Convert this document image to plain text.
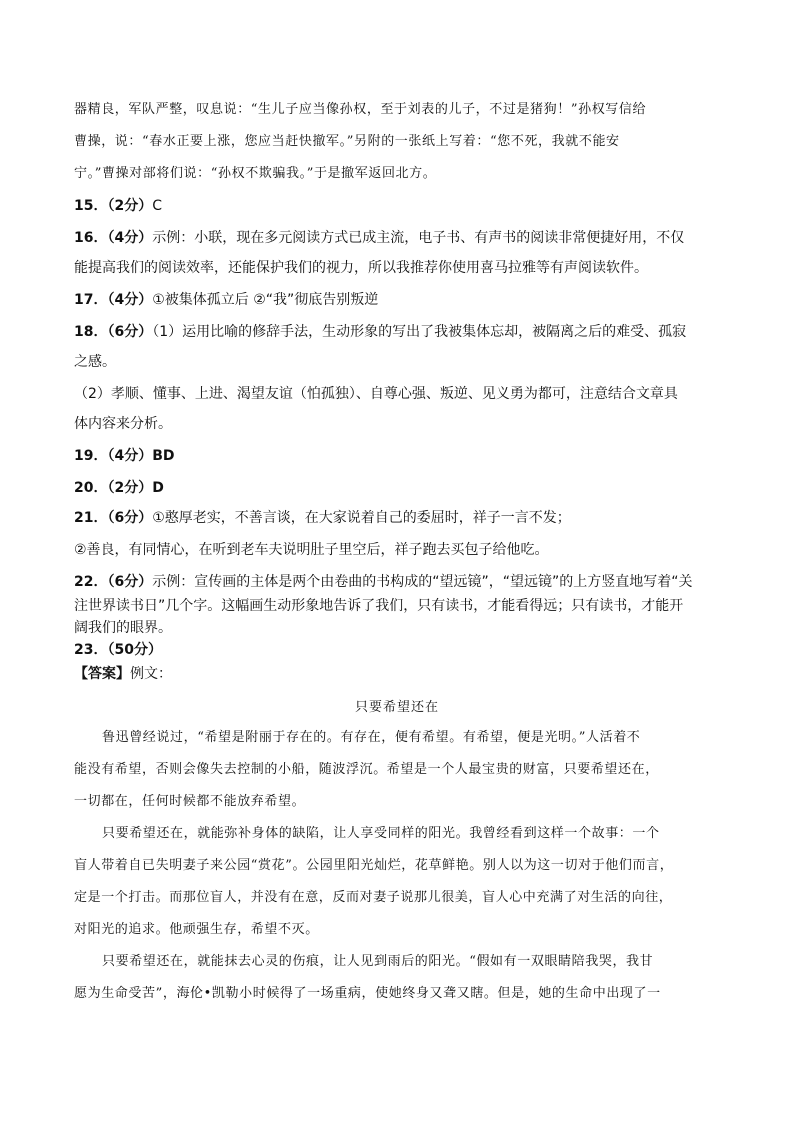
器精良，军队严整，叹息说：“生儿子应当像孙权，至于刘表的儿子，不过是猪狗！”孙权写信给
曹操，说：“春水正要上涨，您应当赶快撤军。”另附的一张纸上写着：“您不死，我就不能安
宁。”曹操对部将们说：“孙权不欺骗我。”于是撤军返回北方。
15．（2分）C
16．（4分）示例：小联，现在多元阅读方式已成主流，电子书、有声书的阅读非常便捷好用，不仅
能提高我们的阅读效率，还能保护我们的视力，所以我推荐你使用喜马拉雅等有声阅读软件。
17．（4分）①被集体孤立后 ②“我”彻底告别叛逆
18．（6分）（1）运用比喻的修辞手法，生动形象的写出了我被集体忘却，被隔离之后的难受、孤寂
之感。
（2）孝顺、懂事、上进、渴望友谊（怕孤独）、自尊心强、叛逆、见义勇为都可，注意结合文章具
体内容来分析。
19．（4分）BD
20．（2分）D
21．（6分）①憨厚老实，不善言谈，在大家说着自己的委屈时，祥子一言不发；
②善良，有同情心，在听到老车夫说明肚子里空后，祥子跑去买包子给他吃。
22．（6分）示例：宣传画的主体是两个由卷曲的书构成的“望远镜”，“望远镜”的上方竖直地写着“关
注世界读书日”几个字。这幅画生动形象地告诉了我们，只有读书，才能看得远；只有读书，才能开
阔我们的眼界。
23．（50分）
【答案】例文：
只要希望还在
鲁迅曾经说过，“希望是附丽于存在的。有存在，便有希望。有希望，便是光明。”人活着不
能没有希望，否则会像失去控制的小船，随波浮沉。希望是一个人最宝贵的财富，只要希望还在，
一切都在，任何时候都不能放弃希望。
只要希望还在，就能弥补身体的缺陷，让人享受同样的阳光。我曾经看到这样一个故事：一个
盲人带着自已失明妻子来公园“赏花”。公园里阳光灿烂，花草鲜艳。别人以为这一切对于他们而言，
定是一个打击。而那位盲人，并没有在意，反而对妻子说那儿很美，盲人心中充满了对生活的向往，
对阳光的追求。他顽强生存，希望不灭。
只要希望还在，就能抹去心灵的伤痕，让人见到雨后的阳光。“假如有一双眼睛陪我哭，我甘
愿为生命受苦”，海伦•凯勒小时候得了一场重病，使她终身又聋又瞎。但是，她的生命中出现了一
